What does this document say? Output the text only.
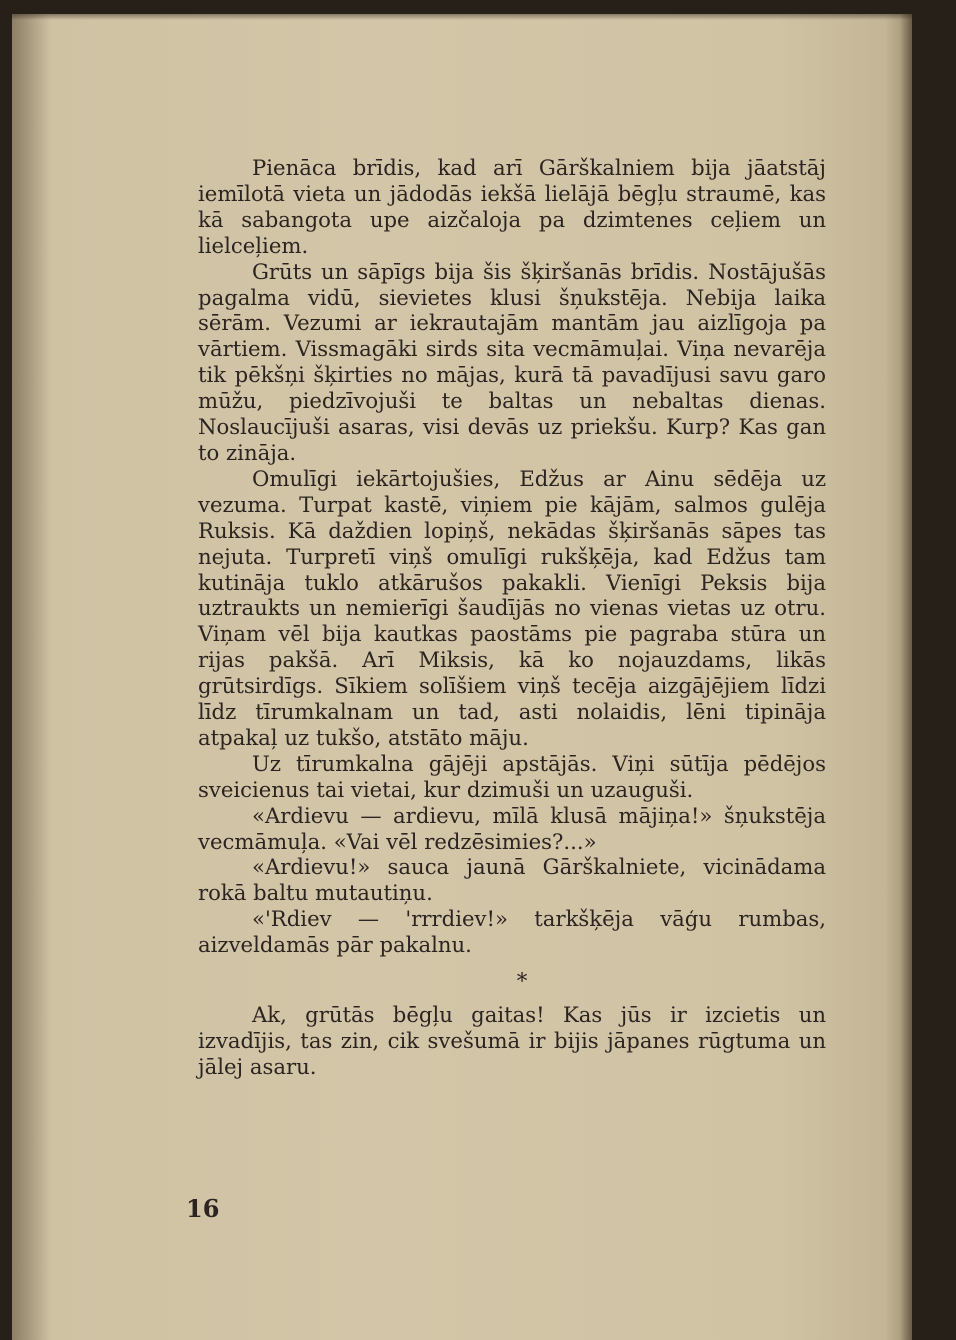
Pienāca brīdis, kad arī Gārškalniem bija jāatstāj iemīlotā vieta un jādodās iekšā lielājā bēgļu straumē, kas kā sabangota upe aizčaloja pa dzimtenes ceļiem un lielceļiem.

Grūts un sāpīgs bija šis šķiršanās brīdis. Nostājušās pagalma vidū, sievietes klusi šņukstēja. Nebija laika sērām. Vezumi ar iekrautajām mantām jau aizlīgoja pa vārtiem. Vissmagāki sirds sita vecmāmuļai. Viņa nevarēja tik pēkšņi šķirties no mājas, kurā tā pavadījusi savu garo mūžu, piedzīvojuši te baltas un nebaltas dienas. Noslaucījuši asaras, visi devās uz priekšu. Kurp? Kas gan to zināja.

Omulīgi iekārtojušies, Edžus ar Ainu sēdēja uz vezuma. Turpat kastē, viņiem pie kājām, salmos gulēja Ruksis. Kā daždien lopiņš, nekādas šķiršanās sāpes tas nejuta. Turpretī viņš omulīgi rukšķēja, kad Edžus tam kutināja tuklo atkārušos pakakli. Vienīgi Peksis bija uztraukts un nemierīgi šaudījās no vienas vietas uz otru. Viņam vēl bija kautkas paostāms pie pagraba stūra un rijas pakšā. Arī Miksis, kā ko nojauzdams, likās grūtsirdīgs. Sīkiem solīšiem viņš tecēja aizgājējiem līdzi līdz tīrumkalnam un tad, asti nolaidis, lēni tipināja atpakaļ uz tukšo, atstāto māju.

Uz tīrumkalna gājēji apstājās. Viņi sūtīja pēdējos sveicienus tai vietai, kur dzimuši un uzauguši.

«Ardievu — ardievu, mīlā klusā mājiņa!» šņukstēja vecmāmuļa. «Vai vēl redzēsimies?...»

«Ardievu!» sauca jaunā Gārškalniete, vicinādama rokā baltu mutautiņu.

«'Rdiev — 'rrrdiev!» tarkšķēja vāģu rumbas, aizveldamās pār pakalnu.

*

Ak, grūtās bēgļu gaitas! Kas jūs ir izcietis un izvadījis, tas zin, cik svešumā ir bijis jāpanes rūgtuma un jālej asaru.

16
